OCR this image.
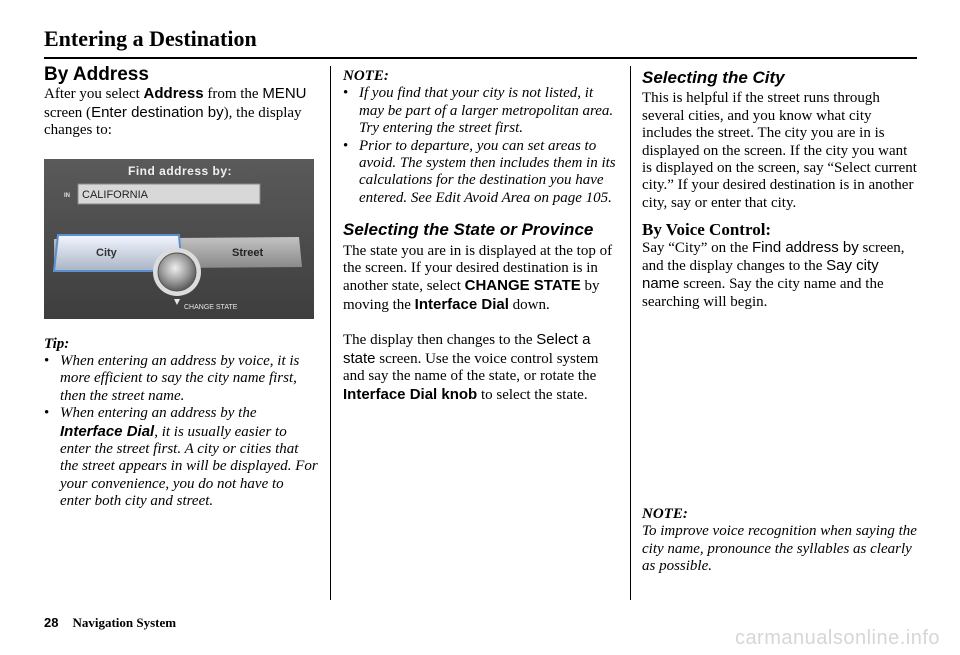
Entering a Destination
By Address

After you select Address from the MENU screen (Enter destination by), the display changes to:

Find address by:
IN CALIFORNIA
City	Street
CHANGE STATE

Tip:

• When entering an address by voice, it is more efficient to say the city name first, then the street name.
• When entering an address by the Interface Dial, it is usually easier to enter the street first. A city or cities that the street appears in will be displayed. For your convenience, you do not have to enter both city and street.

NOTE:

• If you find that your city is not listed, it may be part of a larger metropolitan area. Try entering the street first.
• Prior to departure, you can set areas to avoid. The system then includes them in its calculations for the destination you have entered. See Edit Avoid Area on page 105.
Selecting the State or Province

The state you are in is displayed at the top of the screen. If your desired destination is in another state, select CHANGE STATE by moving the Interface Dial down.

The display then changes to the Select a state screen. Use the voice control system and say the name of the state, or rotate the Interface Dial knob to select the state.

Selecting the City

This is helpful if the street runs through several cities, and you know what city includes the street. The city you are in is displayed on the screen. If the city you want is displayed on the screen, say “Select current city.” If your desired destination is in another city, say or enter that city.

By Voice Control:

Say “City” on the Find address by screen, and the display changes to the Say city name screen. Say the city name and the searching will begin.

NOTE:

To improve voice recognition when saying the city name, pronounce the syllables as clearly as possible.

28 Navigation System
carmanualsonline.info
